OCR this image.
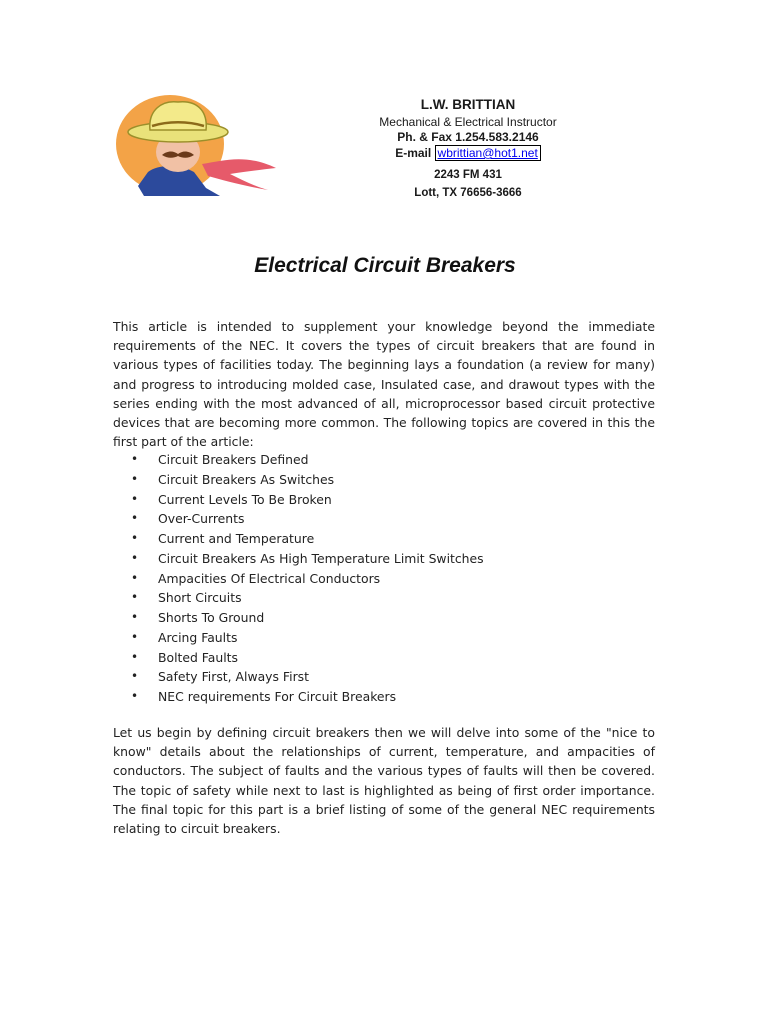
L.W. BRITTIAN
Mechanical & Electrical Instructor
Ph. & Fax 1.254.583.2146
E-mail wbrittian@hot1.net
2243 FM 431
Lott, TX 76656-3666
Electrical Circuit Breakers
This article is intended to supplement your knowledge beyond the immediate requirements of the NEC. It covers the types of circuit breakers that are found in various types of facilities today. The beginning lays a foundation (a review for many) and progress to introducing molded case, Insulated case, and drawout types with the series ending with the most advanced of all, microprocessor based circuit protective devices that are becoming more common. The following topics are covered in this the first part of the article:
• Circuit Breakers Defined
• Circuit Breakers As Switches
• Current Levels To Be Broken
• Over-Currents
• Current and Temperature
• Circuit Breakers As High Temperature Limit Switches
• Ampacities Of Electrical Conductors
• Short Circuits
• Shorts To Ground
• Arcing Faults
• Bolted Faults
• Safety First, Always First
• NEC requirements For Circuit Breakers
Let us begin by defining circuit breakers then we will delve into some of the "nice to know" details about the relationships of current, temperature, and ampacities of conductors. The subject of faults and the various types of faults will then be covered. The topic of safety while next to last is highlighted as being of first order importance. The final topic for this part is a brief listing of some of the general NEC requirements relating to circuit breakers.
